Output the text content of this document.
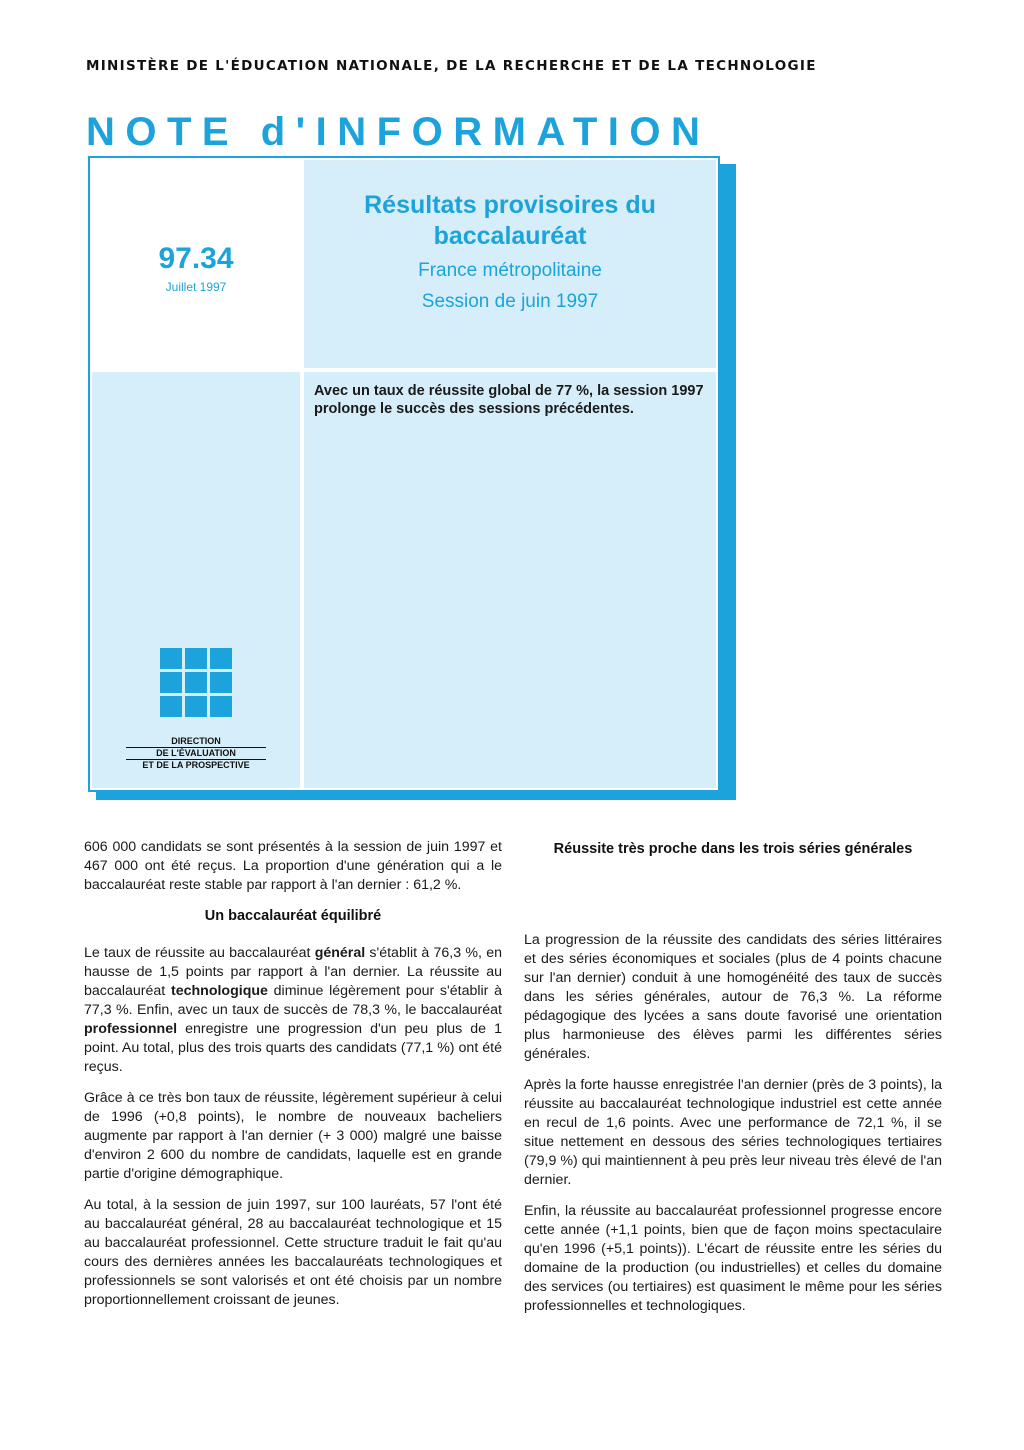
MINISTÈRE DE L'ÉDUCATION NATIONALE, DE LA RECHERCHE ET DE LA TECHNOLOGIE
NOTE d'INFORMATION
97.34
Juillet 1997
Résultats provisoires du baccalauréat
France métropolitaine
Session de juin 1997
DIRECTION
DE L'ÉVALUATION
ET DE LA PROSPECTIVE
Avec un taux de réussite global de 77 %, la session 1997 prolonge le succès des sessions précédentes.

606 000 candidats se sont présentés à la session de juin 1997 et 467 000 ont été reçus. La proportion d'une génération qui a le baccalauréat reste stable par rapport à l'an dernier : 61,2 %.

Un baccalauréat équilibré

Le taux de réussite au baccalauréat général s'établit à 76,3 %, en hausse de 1,5 points par rapport à l'an dernier. La réussite au baccalauréat technologique diminue légèrement pour s'établir à 77,3 %. Enfin, avec un taux de succès de 78,3 %, le baccalauréat professionnel enregistre une progression d'un peu plus de 1 point. Au total, plus des trois quarts des candidats (77,1 %) ont été reçus.

Grâce à ce très bon taux de réussite, légèrement supérieur à celui de 1996 (+0,8 points), le nombre de nouveaux bacheliers augmente par rapport à l'an dernier (+ 3 000) malgré une baisse d'environ 2 600 du nombre de candidats, laquelle est en grande partie d'origine démographique.

Au total, à la session de juin 1997, sur 100 lauréats, 57 l'ont été au baccalauréat général, 28 au baccalauréat technologique et 15 au baccalauréat professionnel. Cette structure traduit le fait qu'au cours des dernières années les baccalauréats technologiques et professionnels se sont valorisés et ont été choisis par un nombre proportionnellement croissant de jeunes.

Réussite très proche dans les trois séries générales

La progression de la réussite des candidats des séries littéraires et des séries économiques et sociales (plus de 4 points chacune sur l'an dernier) conduit à une homogénéité des taux de succès dans les séries générales, autour de 76,3 %. La réforme pédagogique des lycées a sans doute favorisé une orientation plus harmonieuse des élèves parmi les différentes séries générales.

Après la forte hausse enregistrée l'an dernier (près de 3 points), la réussite au baccalauréat technologique industriel est cette année en recul de 1,6 points. Avec une performance de 72,1 %, il se situe nettement en dessous des séries technologiques tertiaires (79,9 %) qui maintiennent à peu près leur niveau très élevé de l'an dernier.

Enfin, la réussite au baccalauréat professionnel progresse encore cette année (+1,1 points, bien que de façon moins spectaculaire qu'en 1996 (+5,1 points)). L'écart de réussite entre les séries du domaine de la production (ou industrielles) et celles du domaine des services (ou tertiaires) est quasiment le même pour les séries professionnelles et technologiques.
